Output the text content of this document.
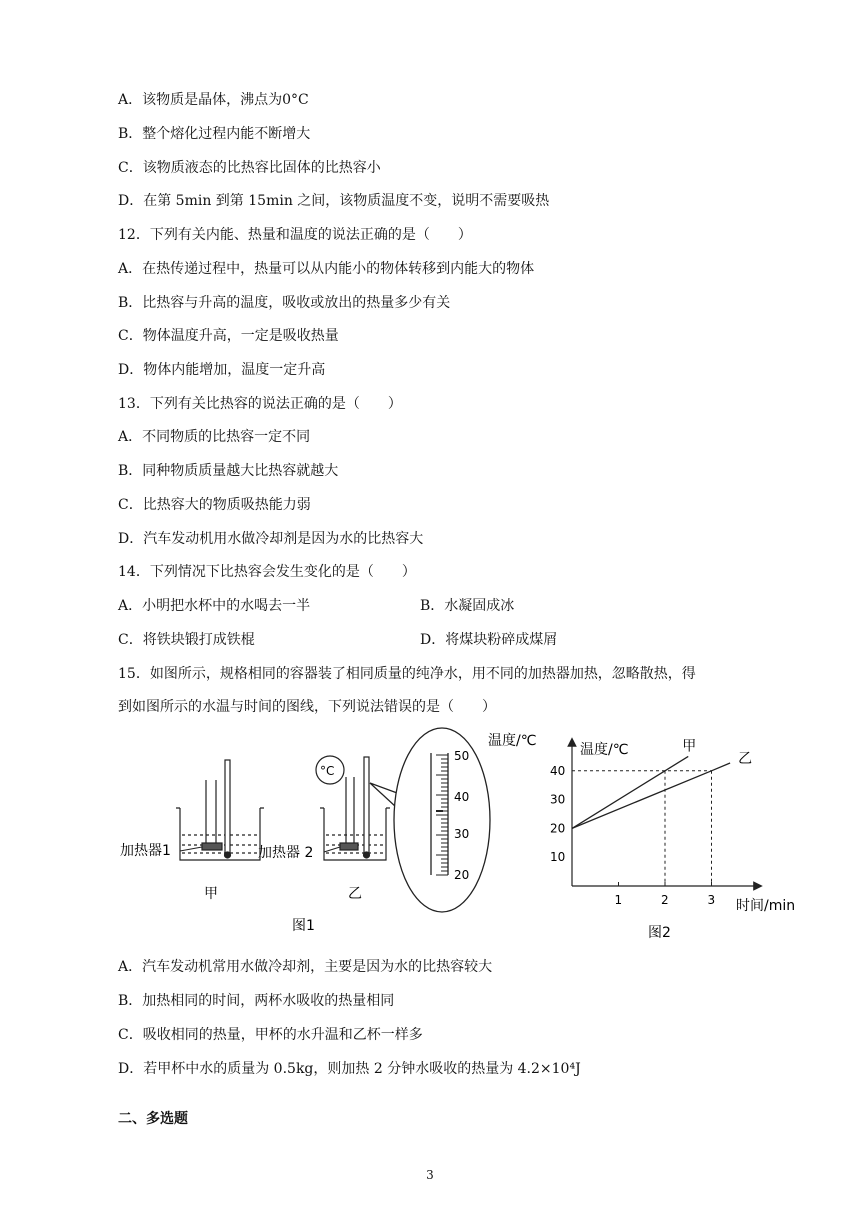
A．该物质是晶体，沸点为0°C
B．整个熔化过程内能不断增大
C．该物质液态的比热容比固体的比热容小
D．在第 5min 到第 15min 之间，该物质温度不变，说明不需要吸热
12．下列有关内能、热量和温度的说法正确的是（　　）
A．在热传递过程中，热量可以从内能小的物体转移到内能大的物体
B．比热容与升高的温度，吸收或放出的热量多少有关
C．物体温度升高，一定是吸收热量
D．物体内能增加，温度一定升高
13．下列有关比热容的说法正确的是（　　）
A．不同物质的比热容一定不同
B．同种物质质量越大比热容就越大
C．比热容大的物质吸热能力弱
D．汽车发动机用水做冷却剂是因为水的比热容大
14．下列情况下比热容会发生变化的是（　　）
A．小明把水杯中的水喝去一半	B．水凝固成冰
C．将铁块锻打成铁棍	D．将煤块粉碎成煤屑
15．如图所示，规格相同的容器装了相同质量的纯净水，用不同的加热器加热，忽略散热，得
到如图所示的水温与时间的图线，下列说法错误的是（　　）
加热器1
甲
°C
加热器 2
乙
50
40
30
20
温度/℃
图1
1	2	3
10
20
30
40
甲
乙
温度/℃
时间/min
图2
A．汽车发动机常用水做冷却剂，主要是因为水的比热容较大
B．加热相同的时间，两杯水吸收的热量相同
C．吸收相同的热量，甲杯的水升温和乙杯一样多
D．若甲杯中水的质量为 0.5kg，则加热 2 分钟水吸收的热量为 4.2×10⁴J
二、多选题
3
